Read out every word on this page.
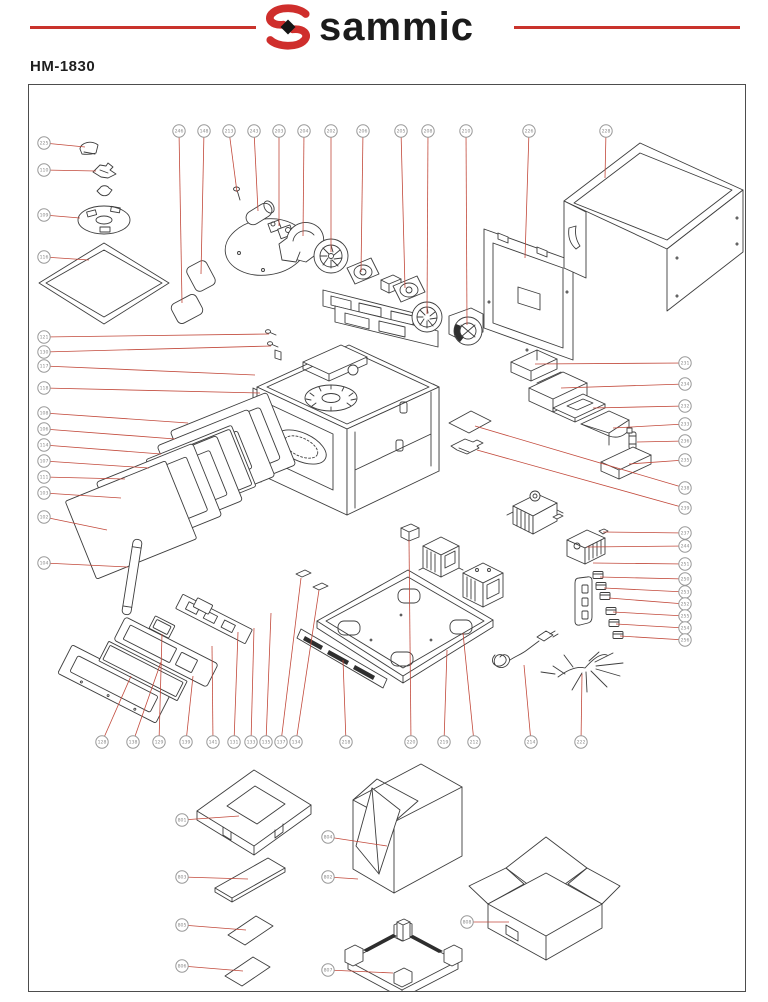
sammic
HM-1830
246	148	213	243	203	204	202	206	205	208	210	226	228
225
110
109
116
121
130
117
118
108
106
114
107
111
103
102
104
231
234
232
233
236
235
238
239
237
244
251
250
253
252
255
254
256
128	138	129	139	141	131 133 135 137 134	218	220	219	212	214	222
801
803
805
806
804
802
807
808
